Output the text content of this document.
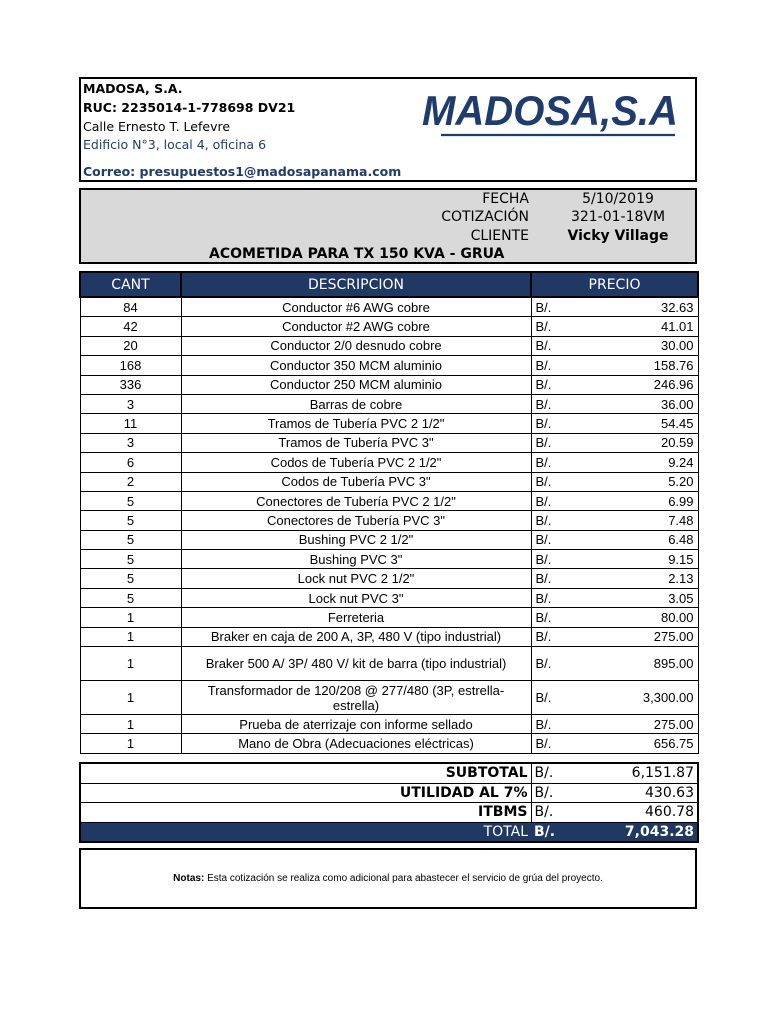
MADOSA, S.A.
RUC: 2235014-1-778698 DV21
Calle Ernesto T. Lefevre
Edificio N°3, local 4, oficina 6
Correo: presupuestos1@madosapanama.com
MADOSA,S.A
FECHA	5/10/2019
COTIZACIÓN	321-01-18VM
CLIENTE	Vicky Village
ACOMETIDA PARA TX 150 KVA - GRUA
CANT	DESCRIPCION	PRECIO	
84	Conductor #6 AWG cobre	B/.	32.63
42	Conductor #2 AWG cobre	B/.	41.01
20	Conductor 2/0 desnudo cobre	B/.	30.00
168	Conductor 350 MCM aluminio	B/.	158.76
336	Conductor 250 MCM aluminio	B/.	246.96
3	Barras de cobre	B/.	36.00
11	Tramos de Tubería PVC 2 1/2"	B/.	54.45
3	Tramos de Tubería PVC 3"	B/.	20.59
6	Codos de Tubería PVC 2 1/2"	B/.	9.24
2	Codos de Tubería PVC 3"	B/.	5.20
5	Conectores de Tubería PVC 2 1/2"	B/.	6.99
5	Conectores de Tubería PVC 3"	B/.	7.48
5	Bushing PVC 2 1/2"	B/.	6.48
5	Bushing PVC 3"	B/.	9.15
5	Lock nut PVC 2 1/2"	B/.	2.13
5	Lock nut PVC 3"	B/.	3.05
1	Ferreteria	B/.	80.00
1	Braker en caja de 200 A, 3P, 480 V (tipo industrial)	B/.	275.00
1	Braker 500 A/ 3P/ 480 V/ kit de barra (tipo industrial)	B/.	895.00
1	Transformador de 120/208 @ 277/480 (3P, estrella-estrella)	B/.	3,300.00
1	Prueba de aterrizaje con informe sellado	B/.	275.00
1	Mano de Obra (Adecuaciones eléctricas)	B/.	656.75
SUBTOTAL	B/.	6,151.87
UTILIDAD AL 7%	B/.	430.63
ITBMS	B/.	460.78
TOTAL	B/.	7,043.28
Notas: Esta cotización se realiza como adicional para abastecer el servicio de grúa del proyecto.
